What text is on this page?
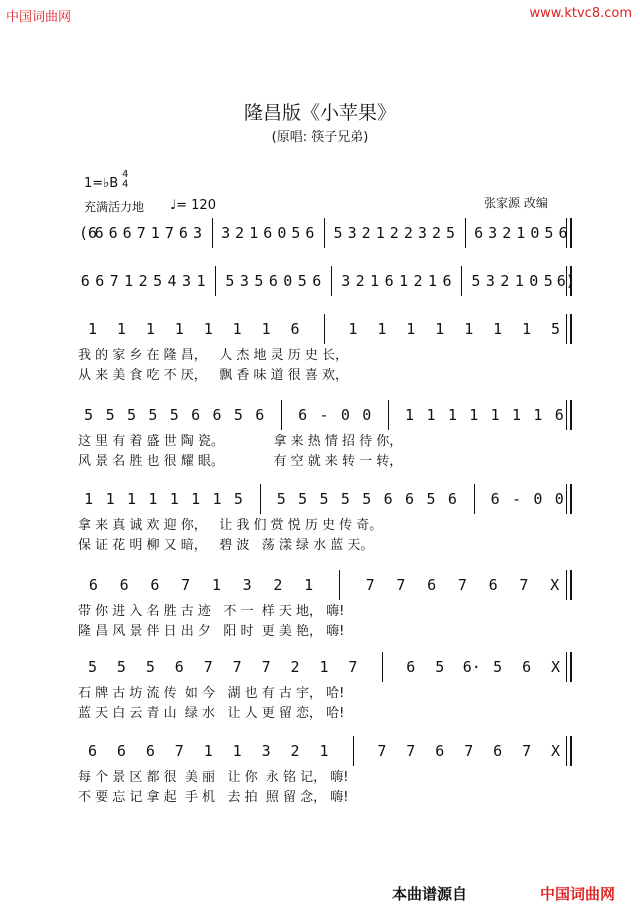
中国词曲网	www.ktvc8.com
隆昌版《小苹果》
(原唱: 筷子兄弟)
1=♭B
4
4
充满活力地 ♩= 120	张家源 改编
(6
6 6 6 7 1 7 6 3 3 2 1 6 0 5 6 5 3 2 1 2 2 3 2 5 6 3 2 1 0 5 6
6 6 7 1 2 5 4 3 1 5 3 5 6 0 5 6 3 2 1 6 1 2 1 6 5 3 2 1 0 5 6)
1 1 1 1 1 1 1 6	1 1 1 1 1 1 1 5
我 的 家 乡 在 隆 昌，   人 杰 地 灵 历 史 长，
从 来 美 食 吃 不 厌，   飘 香 味 道 很 喜 欢，
5 5 5 5 5 6 6 5 6 6 - 0 0 1 1 1 1 1 1 1 6
这 里 有 着 盛 世 陶 瓷。            拿 来 热 情 招 待 你，
风 景 名 胜 也 很 耀 眼。            有 空 就 来 转 一 转，
1 1 1 1 1 1 1 5 5 5 5 5 5 6 6 5 6 6 - 0 0
拿 来 真 诚 欢 迎 你，   让 我 们 赏 悦 历 史 传 奇。
保 证 花 明 柳 又 暗，   碧 波   荡 漾 绿 水 蓝 天。
6 6 6 7 1 3 2 1	7 7 6 7 6 7 X
带 你 进 入 名 胜 古 迹   不 一  样 天 地， 嗨!
隆 昌 风 景 伴 日 出 夕   阳 时  更 美 艳， 嗨!
5 5 5 6 7 7 7 2 1 7	6 5 6· 5 6 X
石 牌 古 坊 流 传  如 今   湖 也 有 古 宇， 哈!
蓝 天 白 云 青 山  绿 水   让 人 更 留 恋， 哈!
6 6 6 7 1 1 3 2 1	7 7 6 7 6 7 X
每 个 景 区 都 很  美 丽   让 你  永 铭 记， 嗨!
不 要 忘 记 拿 起  手 机   去 拍  照 留 念， 嗨!
本曲谱源自	中国词曲网
